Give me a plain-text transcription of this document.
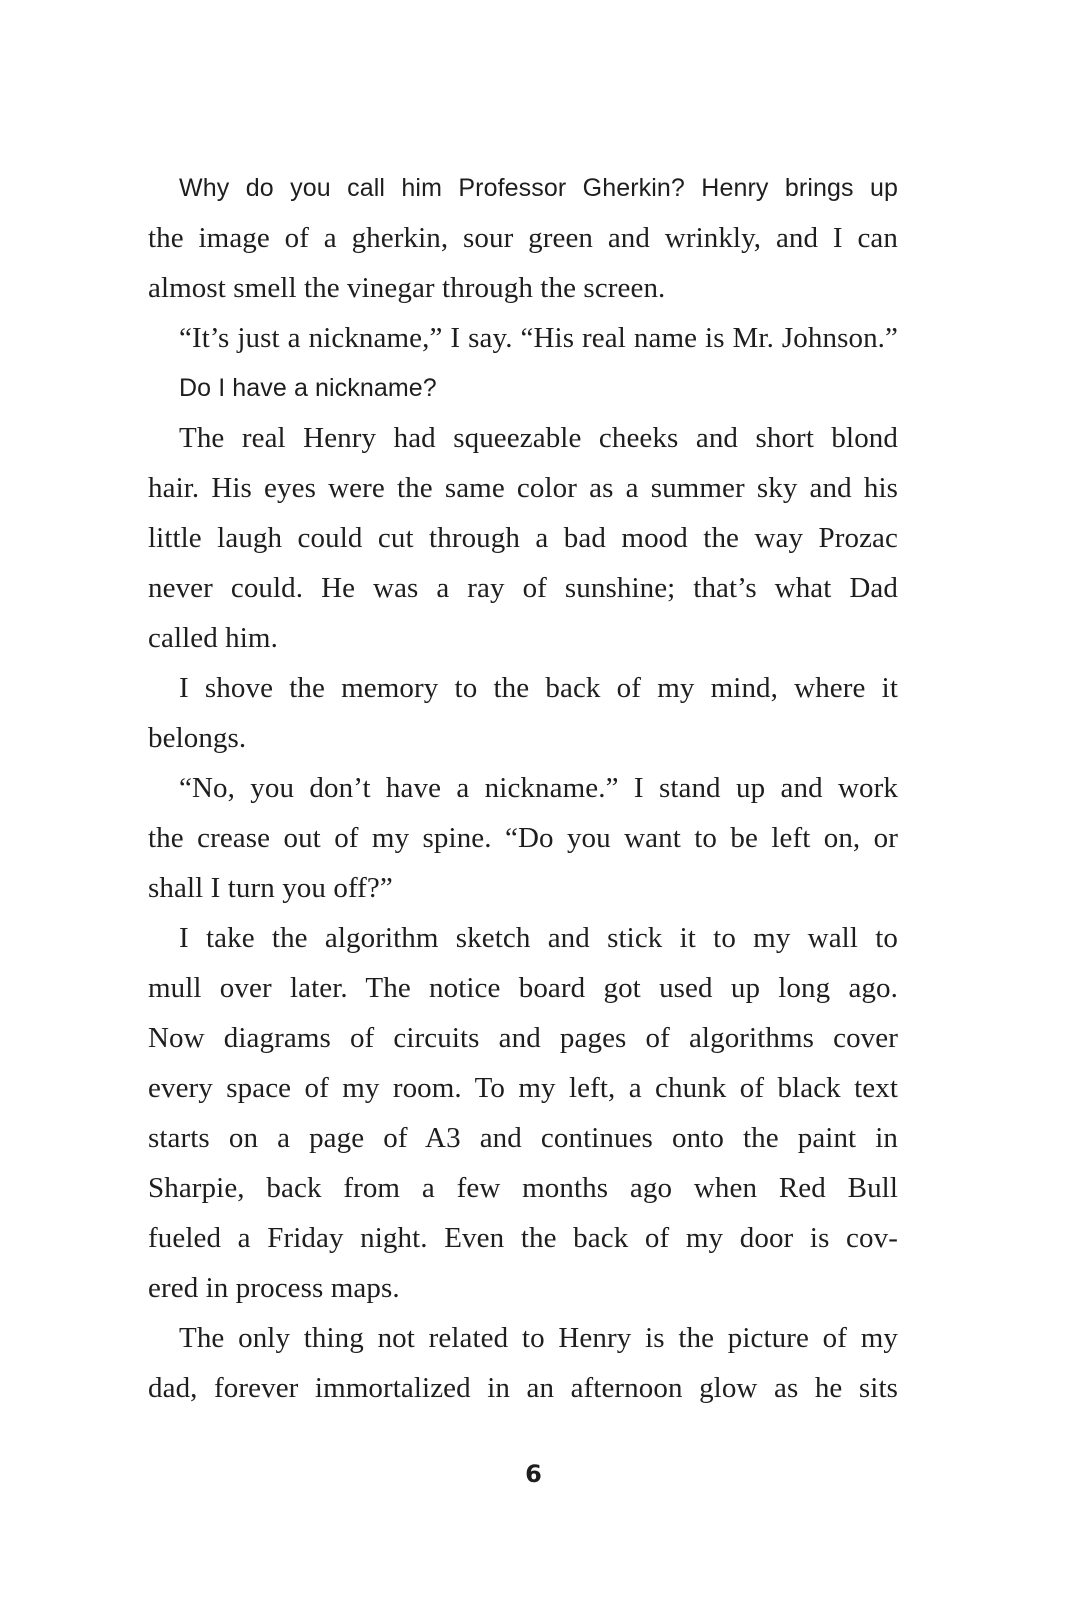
Why do you call him Professor Gherkin? Henry brings up
the image of a gherkin, sour green and wrinkly, and I can
almost smell the vinegar through the screen.
“It’s just a nickname,” I say. “His real name is Mr. Johnson.”
Do I have a nickname?
The real Henry had squeezable cheeks and short blond
hair. His eyes were the same color as a summer sky and his
little laugh could cut through a bad mood the way Prozac
never could. He was a ray of sunshine; that’s what Dad
called him.
I shove the memory to the back of my mind, where it
belongs.
“No, you don’t have a nickname.” I stand up and work
the crease out of my spine. “Do you want to be left on, or
shall I turn you off?”
I take the algorithm sketch and stick it to my wall to
mull over later. The notice board got used up long ago.
Now diagrams of circuits and pages of algorithms cover
every space of my room. To my left, a chunk of black text
starts on a page of A3 and continues onto the paint in
Sharpie, back from a few months ago when Red Bull
fueled a Friday night. Even the back of my door is cov-
ered in process maps.
The only thing not related to Henry is the picture of my
dad, forever immortalized in an afternoon glow as he sits
6
